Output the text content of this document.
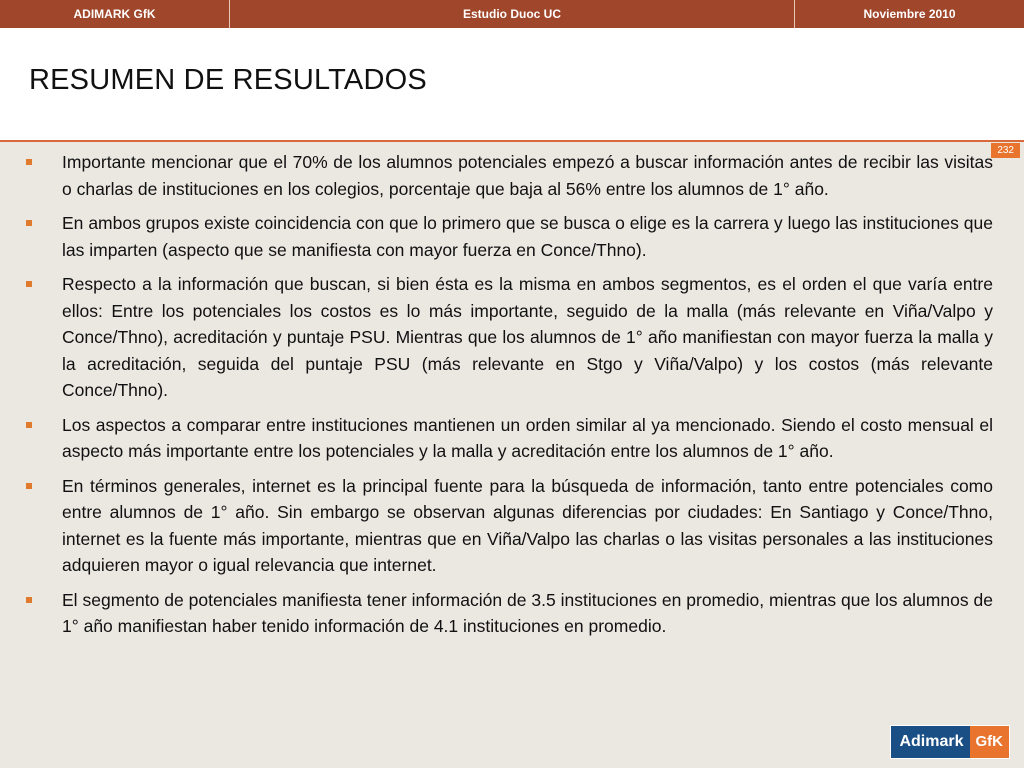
ADIMARK GfK	Estudio Duoc UC	Noviembre 2010
RESUMEN DE RESULTADOS
232
Importante mencionar que el 70% de los alumnos potenciales empezó a buscar información antes de recibir las visitas o charlas de instituciones en los colegios, porcentaje que baja al 56% entre los alumnos de 1° año.
En ambos grupos existe coincidencia con que lo primero que se busca o elige es la carrera y luego las instituciones que las imparten (aspecto que se manifiesta con mayor fuerza en Conce/Thno).
Respecto a la información que buscan, si bien ésta es la misma en ambos segmentos, es el orden el que varía entre ellos: Entre los potenciales los costos es lo más importante, seguido de la malla (más relevante en Viña/Valpo y Conce/Thno), acreditación y puntaje PSU. Mientras que los alumnos de 1° año manifiestan con mayor fuerza la malla y la acreditación, seguida del puntaje PSU (más relevante en Stgo y Viña/Valpo) y los costos (más relevante Conce/Thno).
Los aspectos a comparar entre instituciones mantienen un orden similar al ya mencionado. Siendo el costo mensual el aspecto más importante entre los potenciales y la malla y acreditación entre los alumnos de 1° año.
En términos generales, internet es la principal fuente para la búsqueda de información, tanto entre potenciales como entre alumnos de 1° año. Sin embargo se observan algunas diferencias por ciudades: En Santiago y Conce/Thno, internet es la fuente más importante, mientras que en Viña/Valpo las charlas o las visitas personales a las instituciones adquieren mayor o igual relevancia que internet.
El segmento de potenciales manifiesta tener información de 3.5 instituciones en promedio, mientras que los alumnos de 1° año manifiestan haber tenido información de 4.1 instituciones en promedio.
Adimark GfK
